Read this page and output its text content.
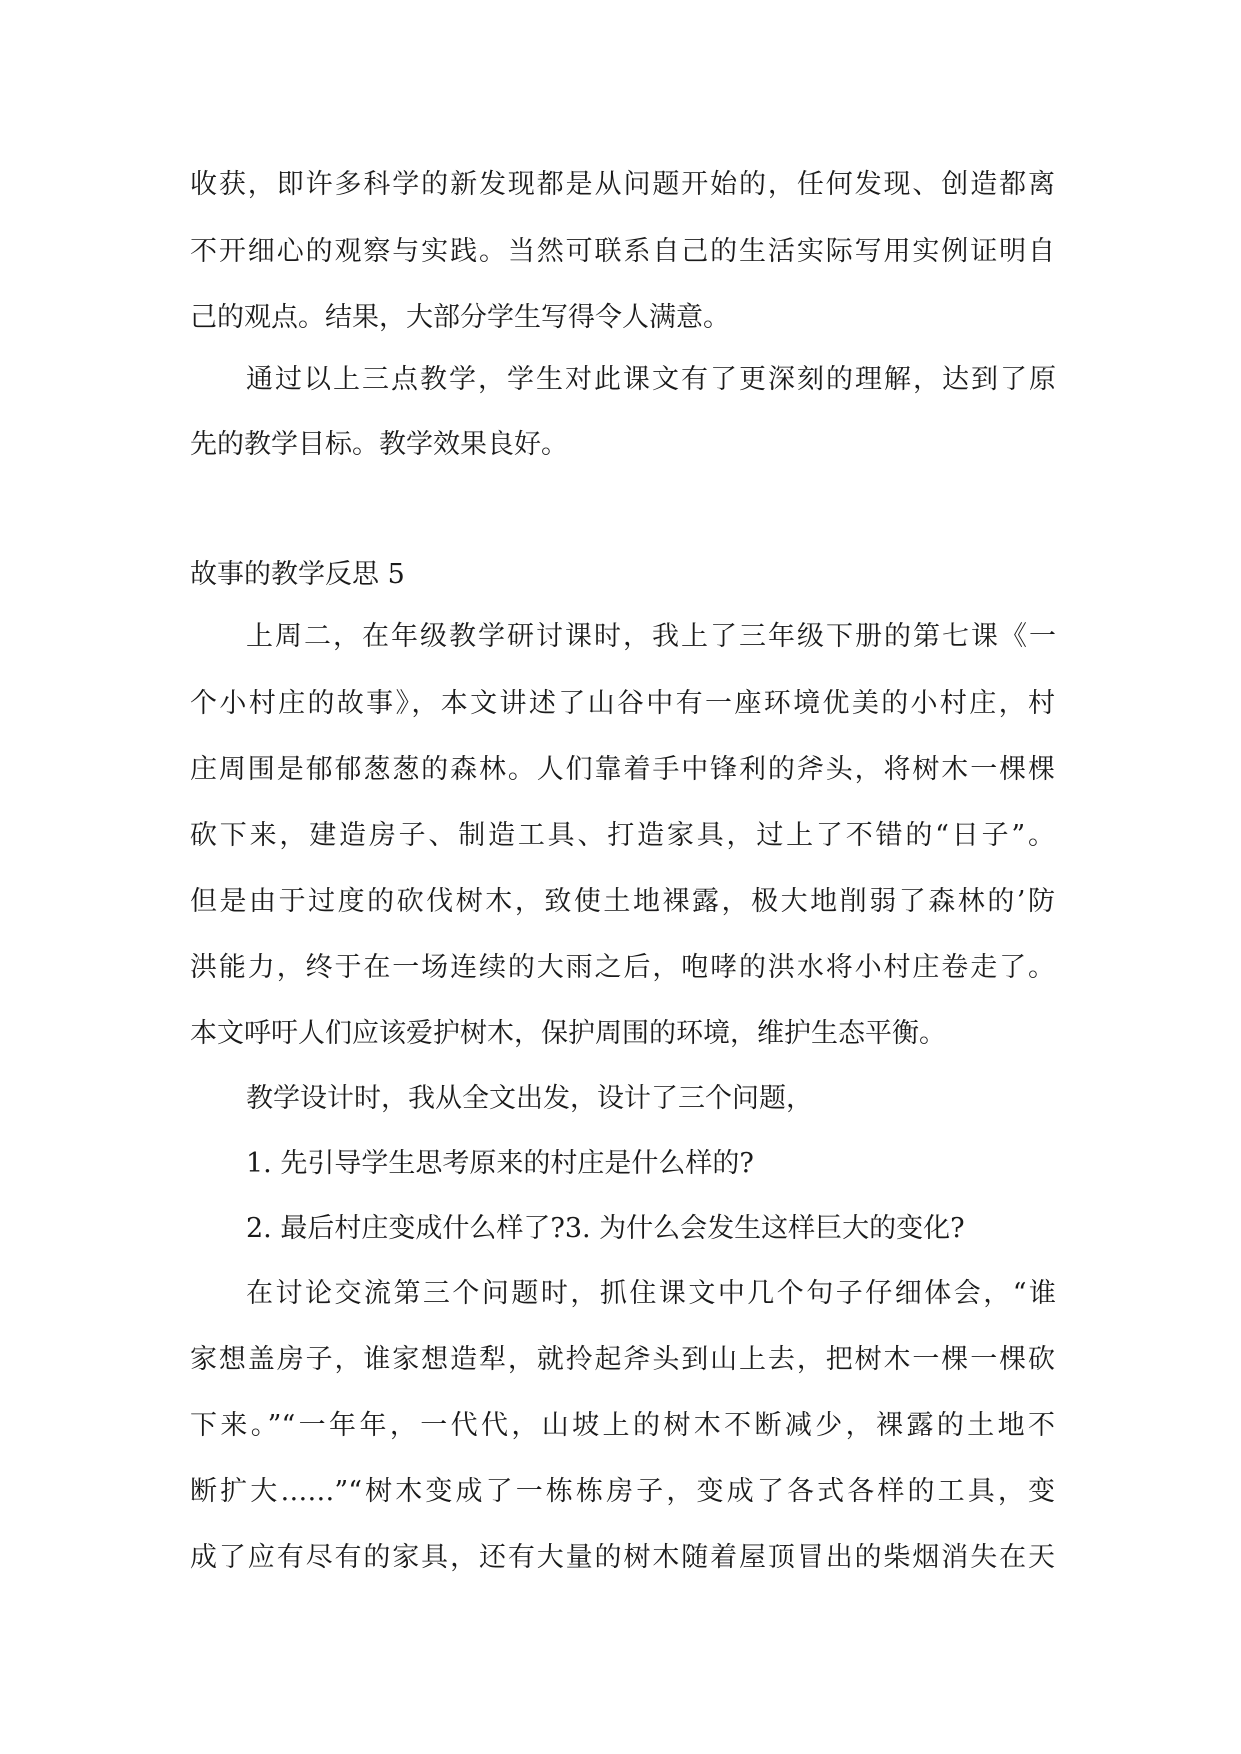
收获，即许多科学的新发现都是从问题开始的，任何发现、创造都离
不开细心的观察与实践。当然可联系自己的生活实际写用实例证明自
己的观点。结果，大部分学生写得令人满意。
通过以上三点教学，学生对此课文有了更深刻的理解，达到了原
先的教学目标。教学效果良好。
故事的教学反思 5
上周二，在年级教学研讨课时，我上了三年级下册的第七课《一
个小村庄的故事》，本文讲述了山谷中有一座环境优美的小村庄，村
庄周围是郁郁葱葱的森林。人们靠着手中锋利的斧头，将树木一棵棵
砍下来，建造房子、制造工具、打造家具，过上了不错的“日子”。
但是由于过度的砍伐树木，致使土地裸露，极大地削弱了森林的’防
洪能力，终于在一场连续的大雨之后，咆哮的洪水将小村庄卷走了。
本文呼吁人们应该爱护树木，保护周围的环境，维护生态平衡。
教学设计时，我从全文出发，设计了三个问题，
1. 先引导学生思考原来的村庄是什么样的?
2. 最后村庄变成什么样了?3. 为什么会发生这样巨大的变化?
在讨论交流第三个问题时，抓住课文中几个句子仔细体会，“谁
家想盖房子，谁家想造犁，就拎起斧头到山上去，把树木一棵一棵砍
下来。”“一年年，一代代，山坡上的树木不断减少，裸露的土地不
断扩大……”“树木变成了一栋栋房子，变成了各式各样的工具，变
成了应有尽有的家具，还有大量的树木随着屋顶冒出的柴烟消失在天
